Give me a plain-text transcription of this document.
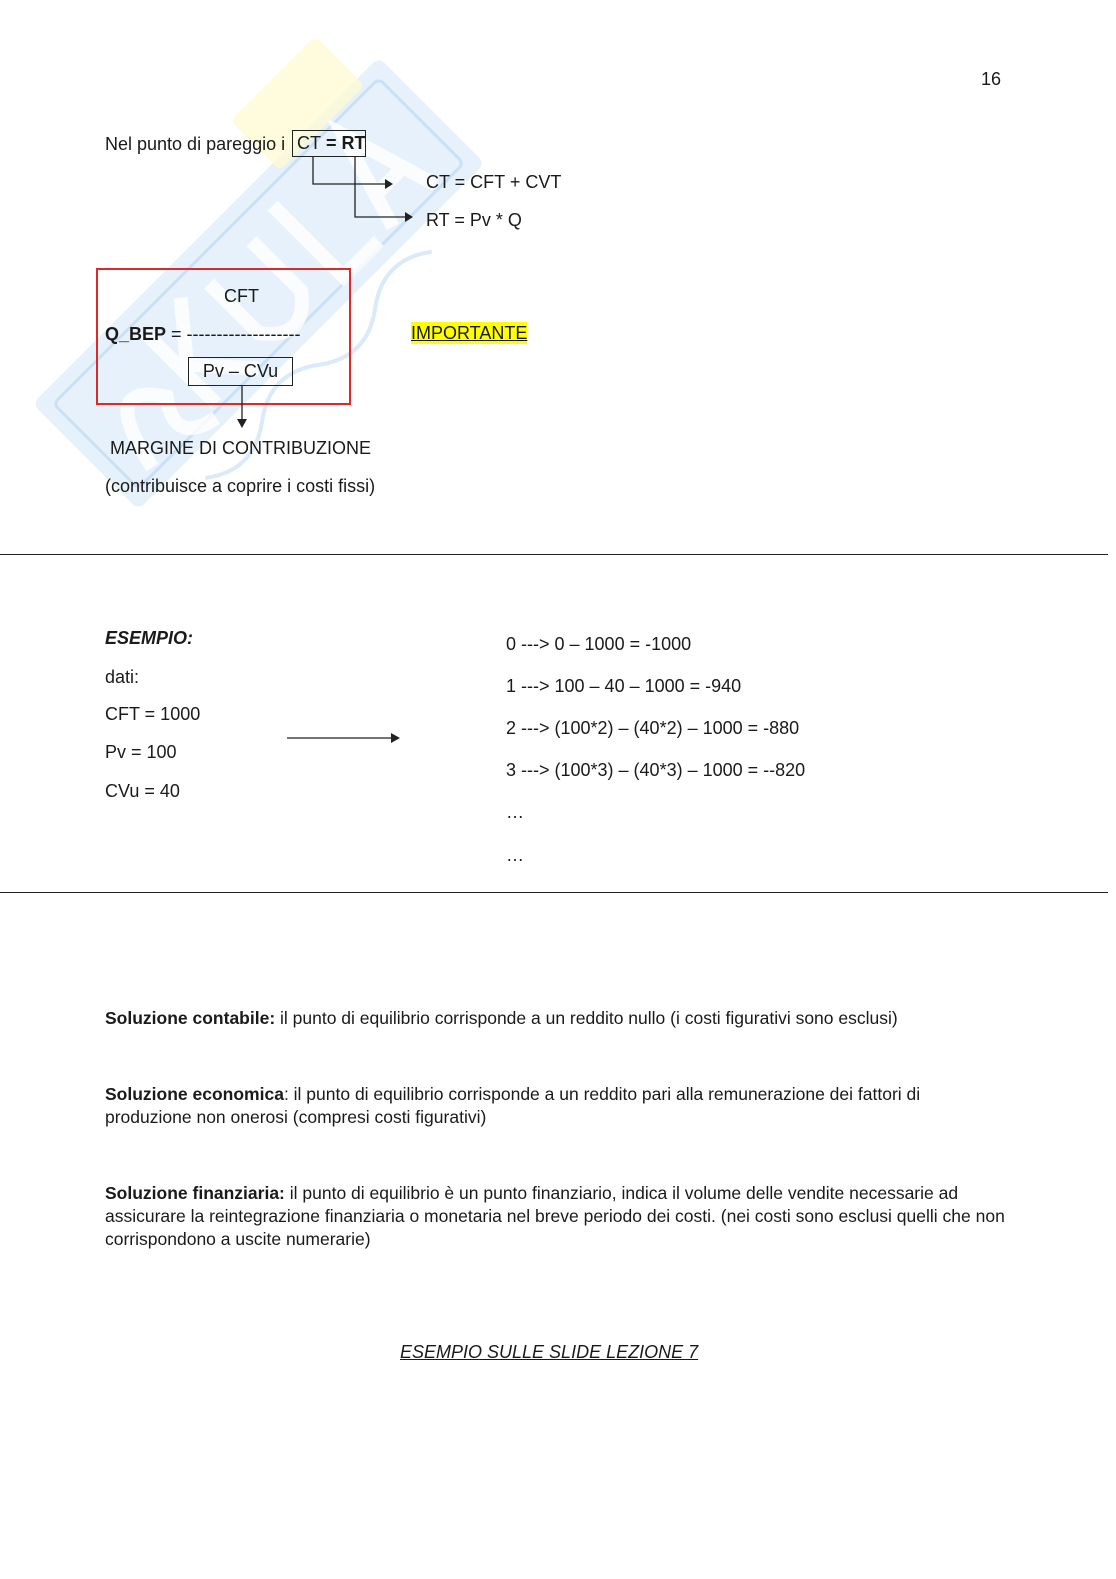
16
Nel punto di pareggio i CT = RT
CT = CFT + CVT
RT = Pv * Q
CFT
Q_BEP = -------------------
Pv – CVu
IMPORTANTE
MARGINE DI CONTRIBUZIONE
(contribuisce a coprire i costi fissi)
ESEMPIO:
dati:
CFT = 1000
Pv = 100
CVu = 40
0 ---> 0 – 1000 = -1000
1 ---> 100 – 40 – 1000 = -940
2 ---> (100*2) – (40*2) – 1000 = -880
3 ---> (100*3) – (40*3) – 1000 = --820
…
…
Soluzione contabile: il punto di equilibrio corrisponde a un reddito nullo (i costi figurativi sono esclusi)
Soluzione economica: il punto di equilibrio corrisponde a un reddito pari alla remunerazione dei fattori di produzione non onerosi (compresi costi figurativi)
Soluzione finanziaria: il punto di equilibrio è un punto finanziario, indica il volume delle vendite necessarie ad assicurare la reintegrazione finanziaria o monetaria nel breve periodo dei costi. (nei costi sono esclusi quelli che non corrispondono a uscite numerarie)
ESEMPIO SULLE SLIDE LEZIONE 7
